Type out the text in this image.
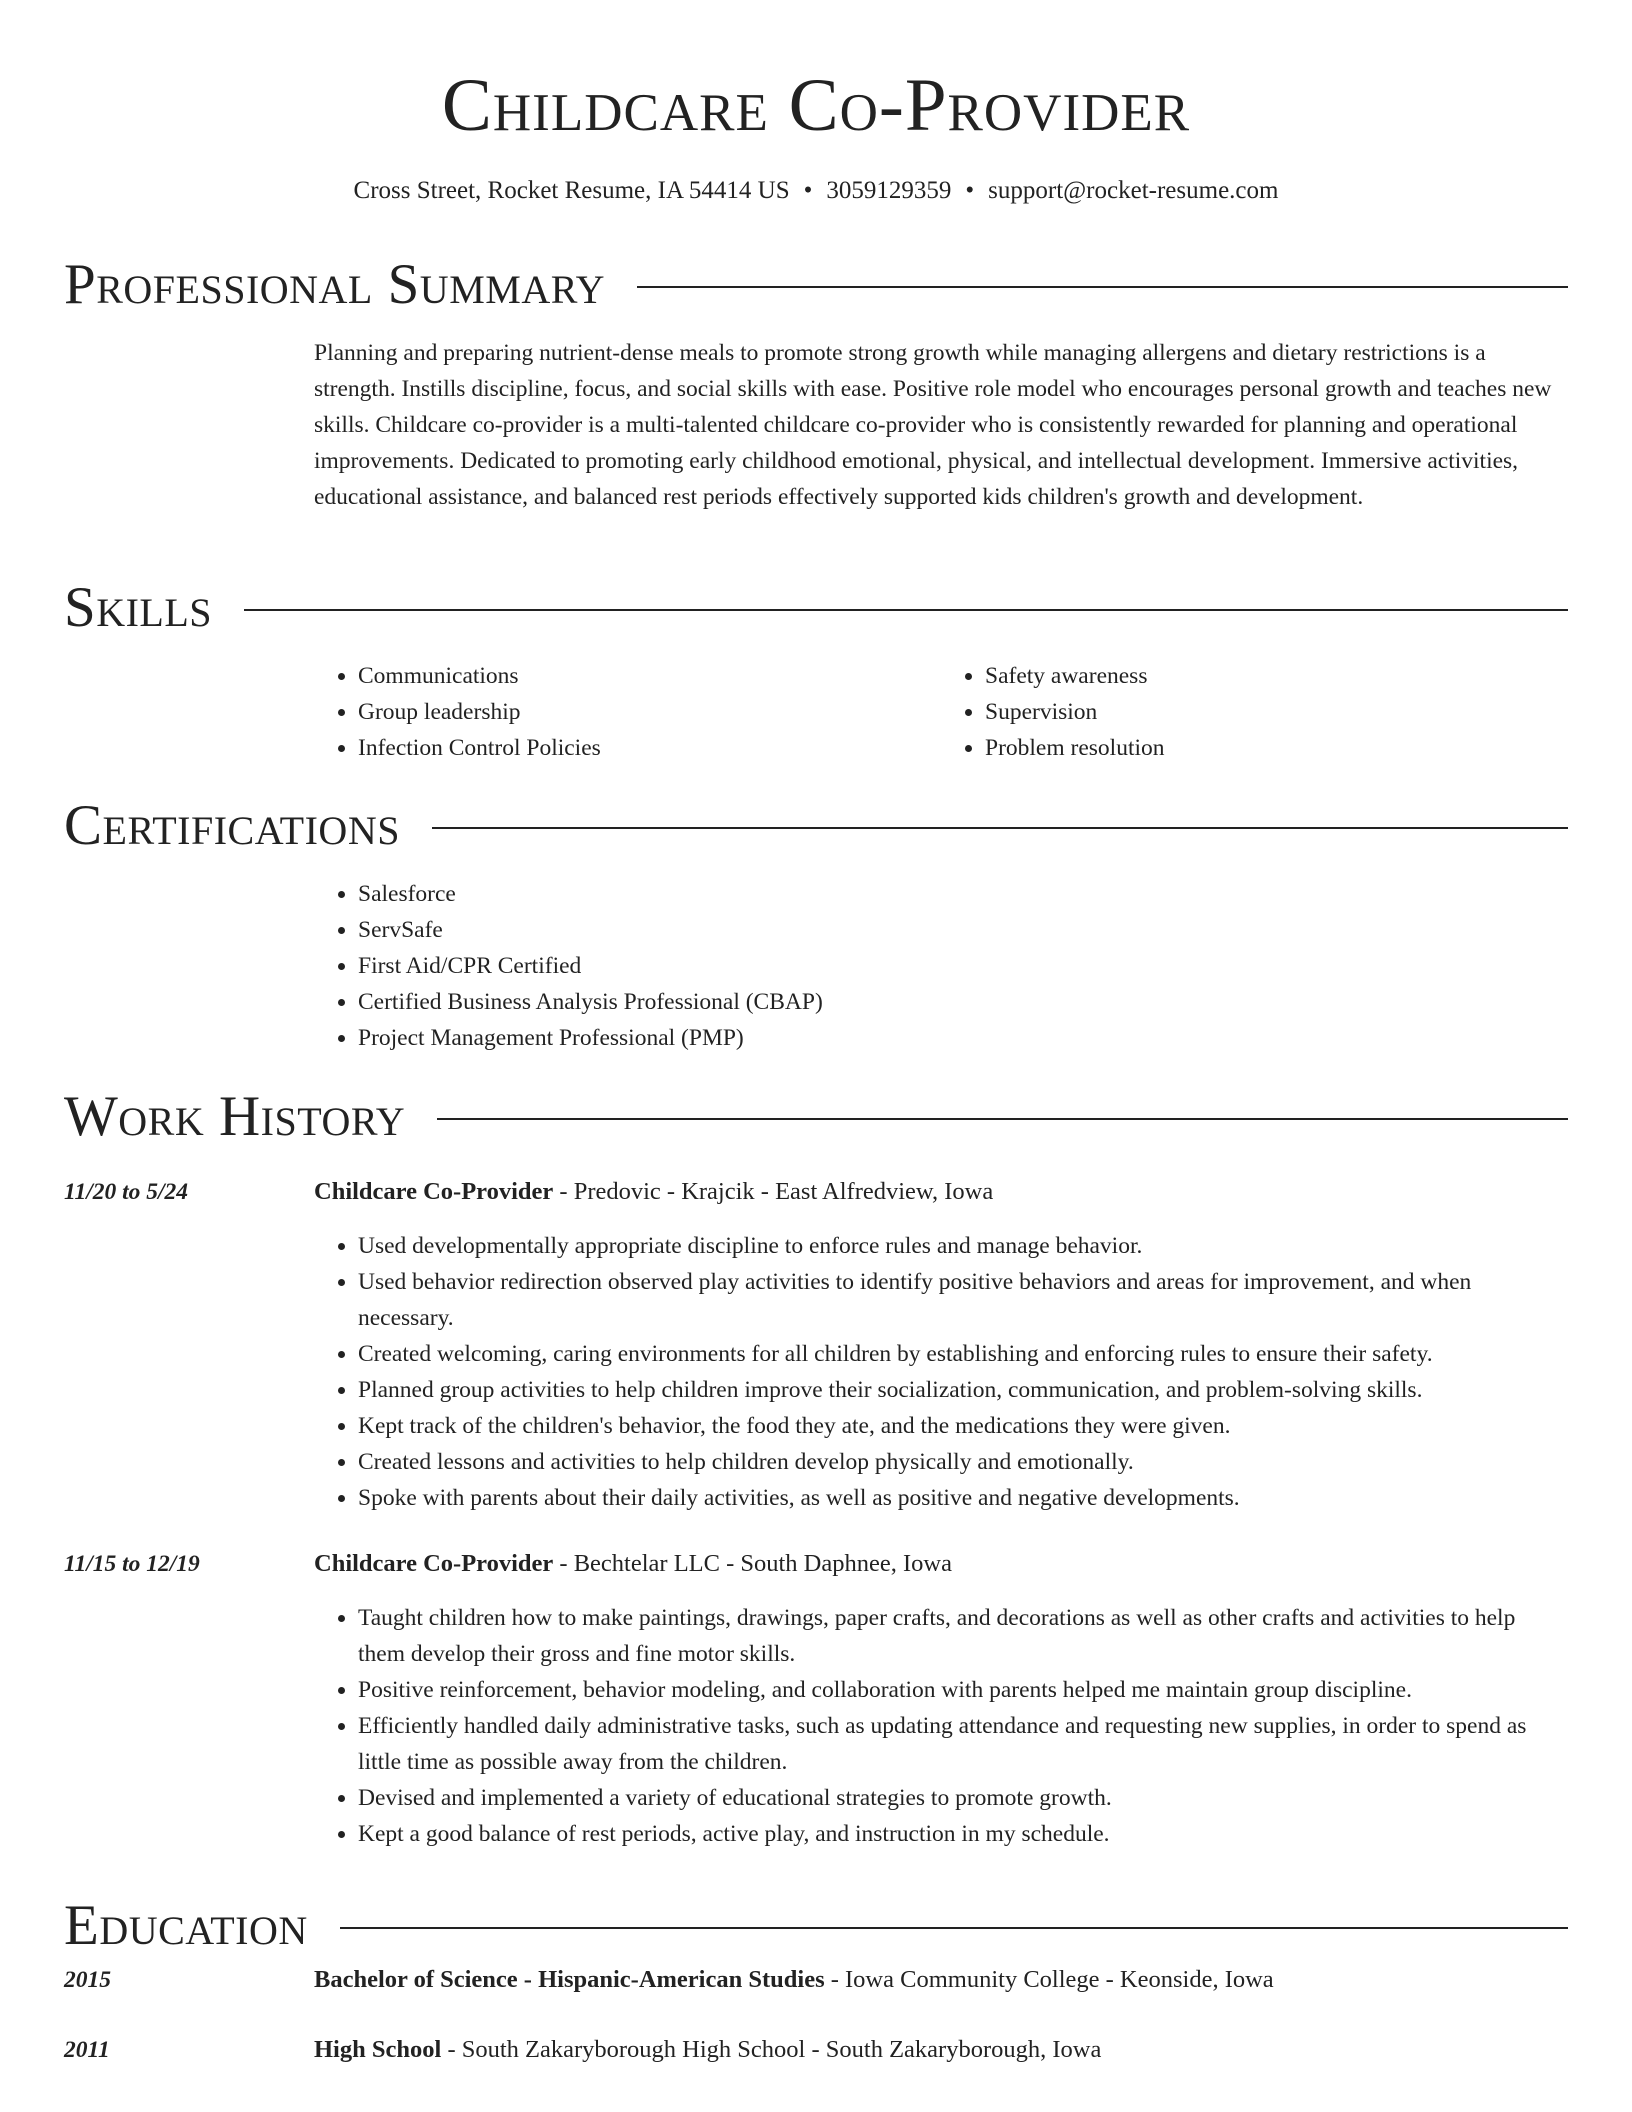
Childcare Co-Provider
Cross Street, Rocket Resume, IA 54414 US • 3059129359 • support@rocket-resume.com
Professional Summary

Planning and preparing nutrient-dense meals to promote strong growth while managing allergens and dietary restrictions is a strength. Instills discipline, focus, and social skills with ease. Positive role model who encourages personal growth and teaches new skills. Childcare co-provider is a multi-talented childcare co-provider who is consistently rewarded for planning and operational improvements. Dedicated to promoting early childhood emotional, physical, and intellectual development. Immersive activities, educational assistance, and balanced rest periods effectively supported kids children's growth and development.

Skills
• Communications
• Group leadership
• Infection Control Policies
• Safety awareness
• Supervision
• Problem resolution
Certifications
• Salesforce
• ServSafe
• First Aid/CPR Certified
• Certified Business Analysis Professional (CBAP)
• Project Management Professional (PMP)
Work History
11/20 to 5/24	Childcare Co-Provider - Predovic - Krajcik - East Alfredview, Iowa
• Used developmentally appropriate discipline to enforce rules and manage behavior.
• Used behavior redirection observed play activities to identify positive behaviors and areas for improvement, and when necessary.
• Created welcoming, caring environments for all children by establishing and enforcing rules to ensure their safety.
• Planned group activities to help children improve their socialization, communication, and problem-solving skills.
• Kept track of the children's behavior, the food they ate, and the medications they were given.
• Created lessons and activities to help children develop physically and emotionally.
• Spoke with parents about their daily activities, as well as positive and negative developments.
11/15 to 12/19	Childcare Co-Provider - Bechtelar LLC - South Daphnee, Iowa
• Taught children how to make paintings, drawings, paper crafts, and decorations as well as other crafts and activities to help them develop their gross and fine motor skills.
• Positive reinforcement, behavior modeling, and collaboration with parents helped me maintain group discipline.
• Efficiently handled daily administrative tasks, such as updating attendance and requesting new supplies, in order to spend as little time as possible away from the children.
• Devised and implemented a variety of educational strategies to promote growth.
• Kept a good balance of rest periods, active play, and instruction in my schedule.
Education
2015	Bachelor of Science - Hispanic-American Studies - Iowa Community College - Keonside, Iowa
2011	High School - South Zakaryborough High School - South Zakaryborough, Iowa
